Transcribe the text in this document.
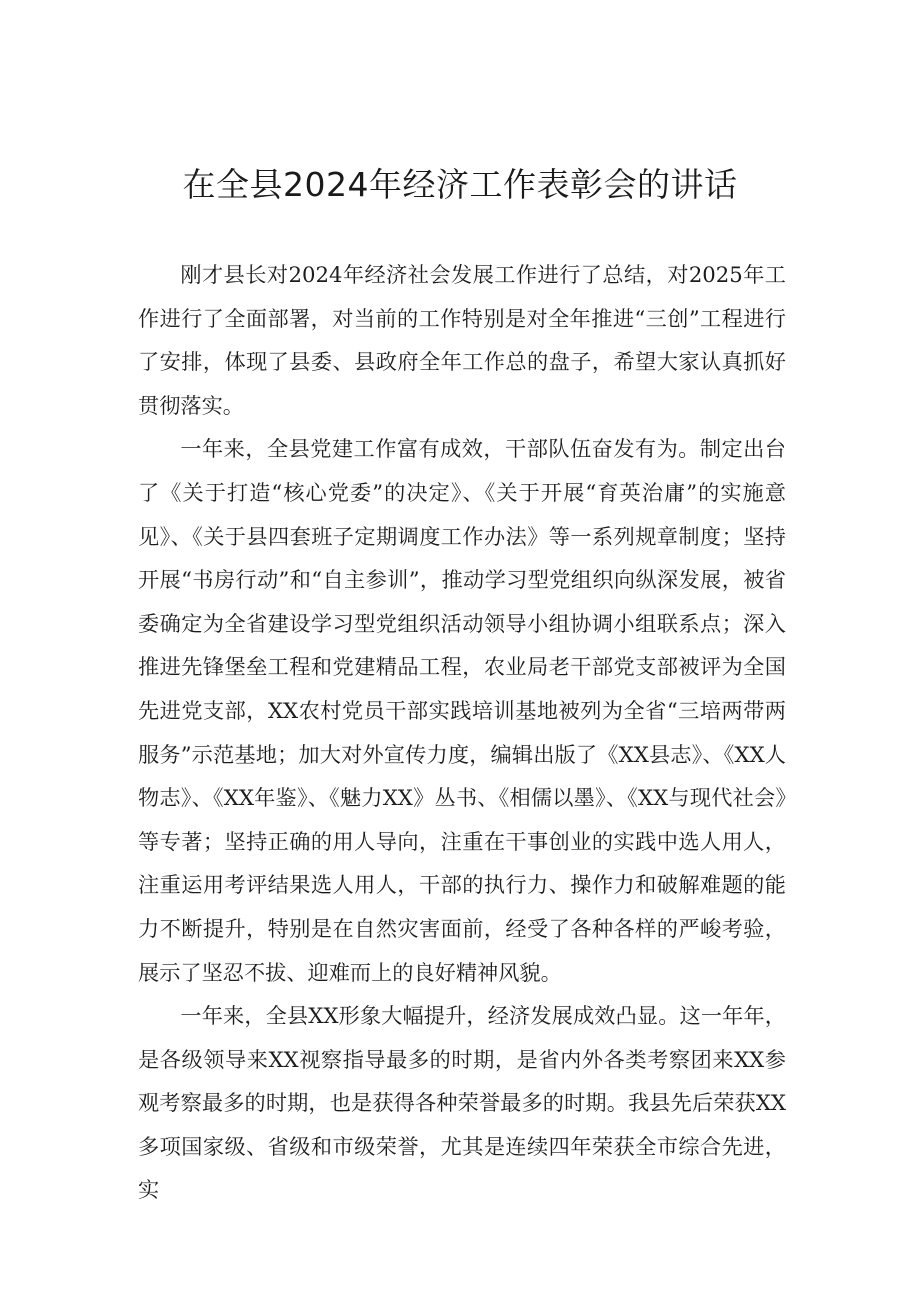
在全县2024年经济工作表彰会的讲话

刚才县长对2024年经济社会发展工作进行了总结，对2025年工作进行了全面部署，对当前的工作特别是对全年推进“三创”工程进行了安排，体现了县委、县政府全年工作总的盘子，希望大家认真抓好贯彻落实。

一年来，全县党建工作富有成效，干部队伍奋发有为。制定出台了《关于打造“核心党委”的决定》、《关于开展“育英治庸”的实施意见》、《关于县四套班子定期调度工作办法》等一系列规章制度；坚持开展“书房行动”和“自主参训”，推动学习型党组织向纵深发展，被省委确定为全省建设学习型党组织活动领导小组协调小组联系点；深入推进先锋堡垒工程和党建精品工程，农业局老干部党支部被评为全国先进党支部，XX农村党员干部实践培训基地被列为全省“三培两带两服务”示范基地；加大对外宣传力度，编辑出版了《XX县志》、《XX人物志》、《XX年鉴》、《魅力XX》丛书、《相儒以墨》、《XX与现代社会》等专著；坚持正确的用人导向，注重在干事创业的实践中选人用人，注重运用考评结果选人用人，干部的执行力、操作力和破解难题的能力不断提升，特别是在自然灾害面前，经受了各种各样的严峻考验，展示了坚忍不拔、迎难而上的良好精神风貌。

一年来，全县XX形象大幅提升，经济发展成效凸显。这一年年，是各级领导来XX视察指导最多的时期，是省内外各类考察团来XX参观考察最多的时期，也是获得各种荣誉最多的时期。我县先后荣获XX多项国家级、省级和市级荣誉，尤其是连续四年荣获全市综合先进，实
